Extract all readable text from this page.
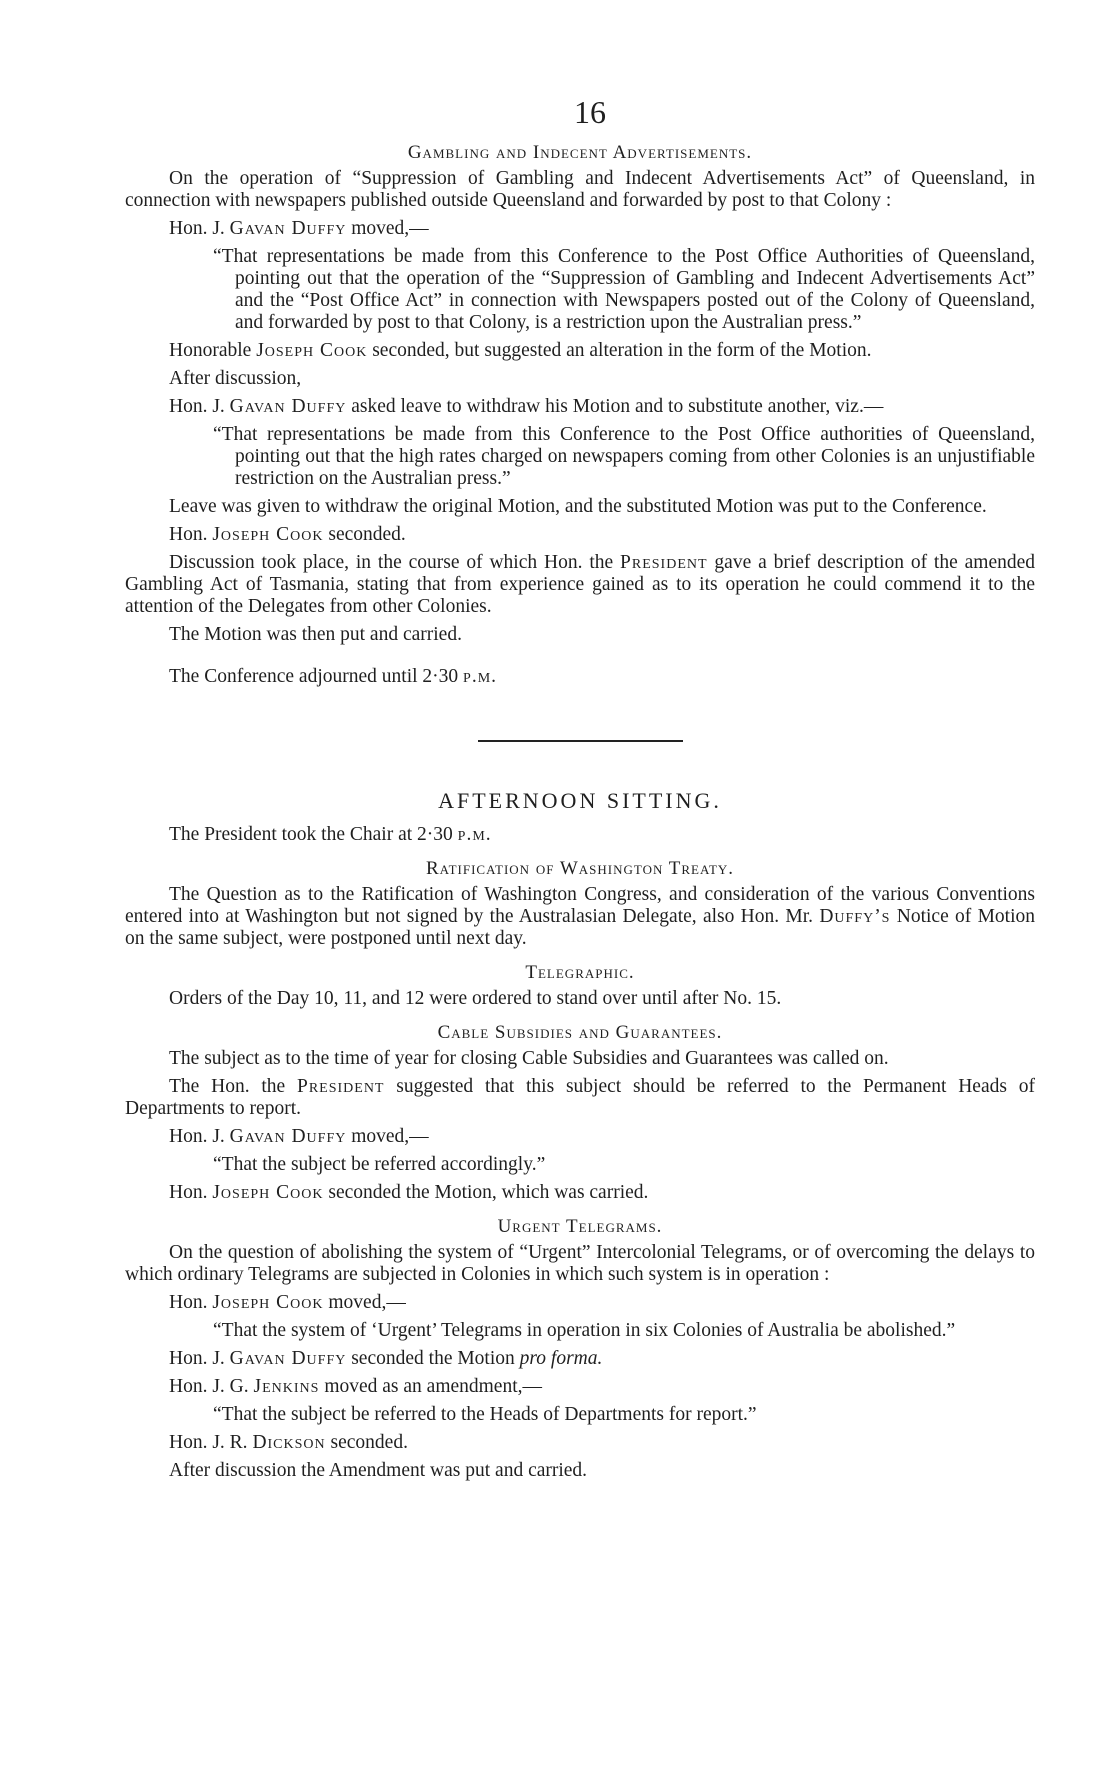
16
Gambling and Indecent Advertisements.

On the operation of “Suppression of Gambling and Indecent Advertisements Act” of Queensland, in connection with newspapers published outside Queensland and forwarded by post to that Colony :

Hon. J. Gavan Duffy moved,—

“That representations be made from this Conference to the Post Office Authorities of Queensland, pointing out that the operation of the “Suppression of Gambling and Indecent Advertisements Act” and the “Post Office Act” in connection with Newspapers posted out of the Colony of Queensland, and forwarded by post to that Colony, is a restriction upon the Australian press.”

Honorable Joseph Cook seconded, but suggested an alteration in the form of the Motion.
After discussion,
Hon. J. Gavan Duffy asked leave to withdraw his Motion and to substitute another, viz.—

“That representations be made from this Conference to the Post Office authorities of Queensland, pointing out that the high rates charged on newspapers coming from other Colonies is an unjustifiable restriction on the Australian press.”

Leave was given to withdraw the original Motion, and the substituted Motion was put to the Conference.

Hon. Joseph Cook seconded.

Discussion took place, in the course of which Hon. the President gave a brief description of the amended Gambling Act of Tasmania, stating that from experience gained as to its operation he could commend it to the attention of the Delegates from other Colonies.

The Motion was then put and carried.
The Conference adjourned until 2·30 p.m.
AFTERNOON SITTING.
The President took the Chair at 2·30 p.m.
Ratification of Washington Treaty.

The Question as to the Ratification of Washington Congress, and consideration of the various Conventions entered into at Washington but not signed by the Australasian Delegate, also Hon. Mr. Duffy’s Notice of Motion on the same subject, were postponed until next day.

Telegraphic.
Orders of the Day 10, 11, and 12 were ordered to stand over until after No. 15.
Cable Subsidies and Guarantees.
The subject as to the time of year for closing Cable Subsidies and Guarantees was called on.

The Hon. the President suggested that this subject should be referred to the Permanent Heads of Departments to report.

Hon. J. Gavan Duffy moved,—

“That the subject be referred accordingly.”

Hon. Joseph Cook seconded the Motion, which was carried.
Urgent Telegrams.

On the question of abolishing the system of “Urgent” Intercolonial Telegrams, or of overcoming the delays to which ordinary Telegrams are subjected in Colonies in which such system is in operation :

Hon. Joseph Cook moved,—

“That the system of ‘Urgent’ Telegrams in operation in six Colonies of Australia be abolished.”

Hon. J. Gavan Duffy seconded the Motion pro forma.
Hon. J. G. Jenkins moved as an amendment,—

“That the subject be referred to the Heads of Departments for report.”

Hon. J. R. Dickson seconded.
After discussion the Amendment was put and carried.
